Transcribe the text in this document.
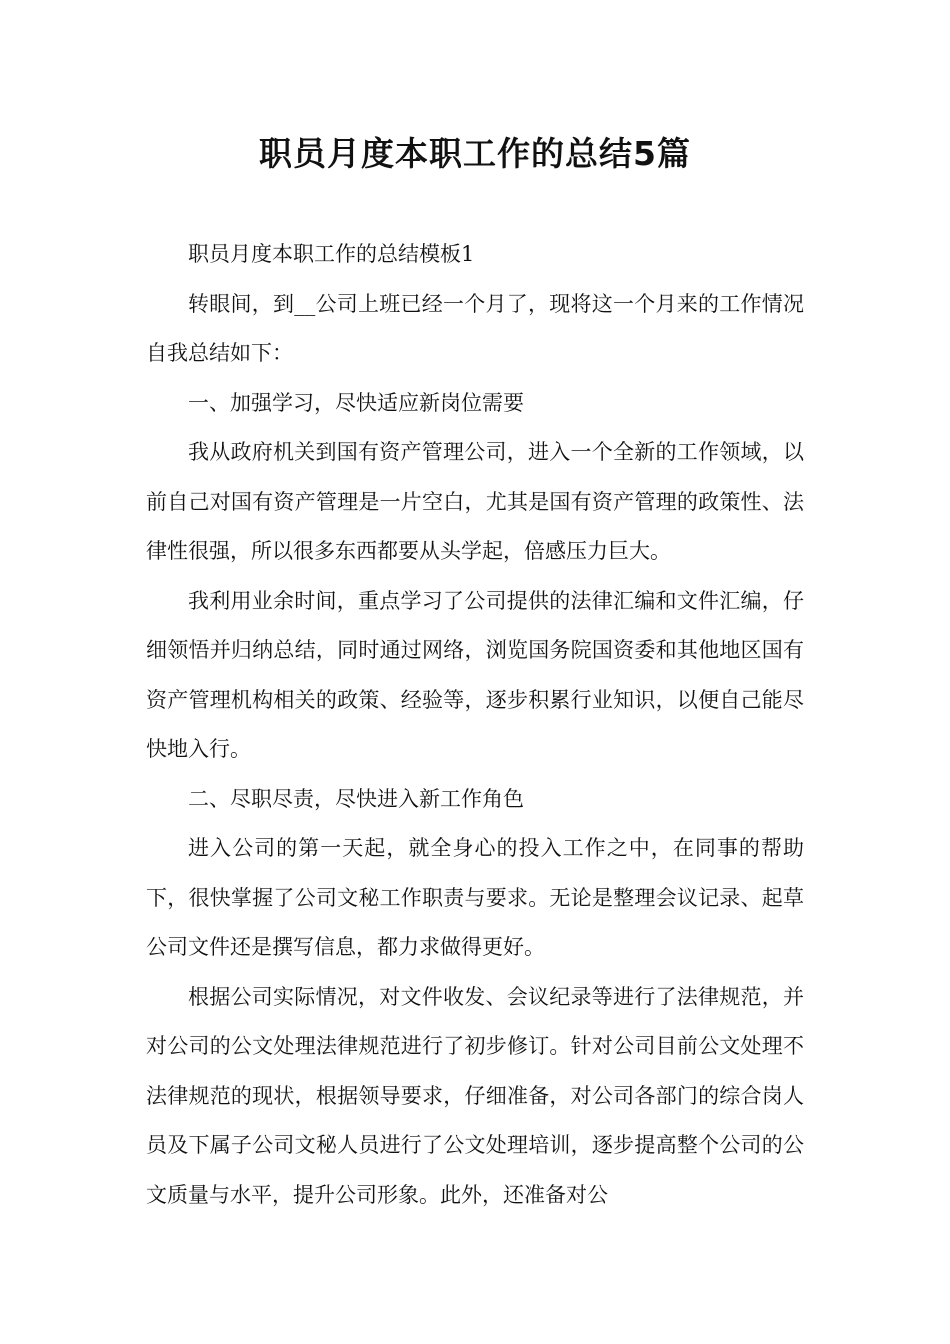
职员月度本职工作的总结5篇

职员月度本职工作的总结模板1

转眼间，到__公司上班已经一个月了，现将这一个月来的工作情况自我总结如下：

一、加强学习，尽快适应新岗位需要

我从政府机关到国有资产管理公司，进入一个全新的工作领域，以前自己对国有资产管理是一片空白，尤其是国有资产管理的政策性、法律性很强，所以很多东西都要从头学起，倍感压力巨大。

我利用业余时间，重点学习了公司提供的法律汇编和文件汇编，仔细领悟并归纳总结，同时通过网络，浏览国务院国资委和其他地区国有资产管理机构相关的政策、经验等，逐步积累行业知识，以便自己能尽快地入行。

二、尽职尽责，尽快进入新工作角色

进入公司的第一天起，就全身心的投入工作之中，在同事的帮助下，很快掌握了公司文秘工作职责与要求。无论是整理会议记录、起草公司文件还是撰写信息，都力求做得更好。

根据公司实际情况，对文件收发、会议纪录等进行了法律规范，并对公司的公文处理法律规范进行了初步修订。针对公司目前公文处理不法律规范的现状，根据领导要求，仔细准备，对公司各部门的综合岗人员及下属子公司文秘人员进行了公文处理培训，逐步提高整个公司的公文质量与水平，提升公司形象。此外，还准备对公
